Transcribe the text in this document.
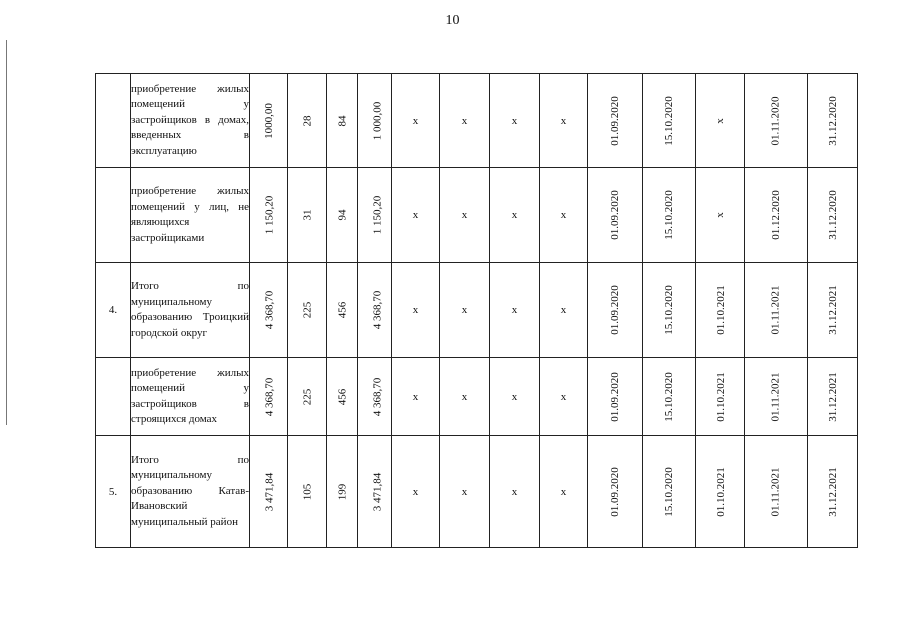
10
	приобретение жилых помещений у застройщиков в домах, введенных в эксплуатацию	1000,00	28	84	1 000,00	x	x	x	x	01.09.2020	15.10.2020	x	01.11.2020	31.12.2020
	приобретение жилых помещений у лиц, не являющихся застройщиками	1 150,20	31	94	1 150,20	x	x	x	x	01.09.2020	15.10.2020	x	01.12.2020	31.12.2020
4.	Итого по муниципальному образованию Троицкий городской округ	4 368,70	225	456	4 368,70	x	x	x	x	01.09.2020	15.10.2020	01.10.2021	01.11.2021	31.12.2021
	приобретение жилых помещений у застройщиков в строящихся домах	4 368,70	225	456	4 368,70	x	x	x	x	01.09.2020	15.10.2020	01.10.2021	01.11.2021	31.12.2021
5.	Итого по муниципальному образованию Катав-Ивановский муниципальный район	3 471,84	105	199	3 471,84	x	x	x	x	01.09.2020	15.10.2020	01.10.2021	01.11.2021	31.12.2021
